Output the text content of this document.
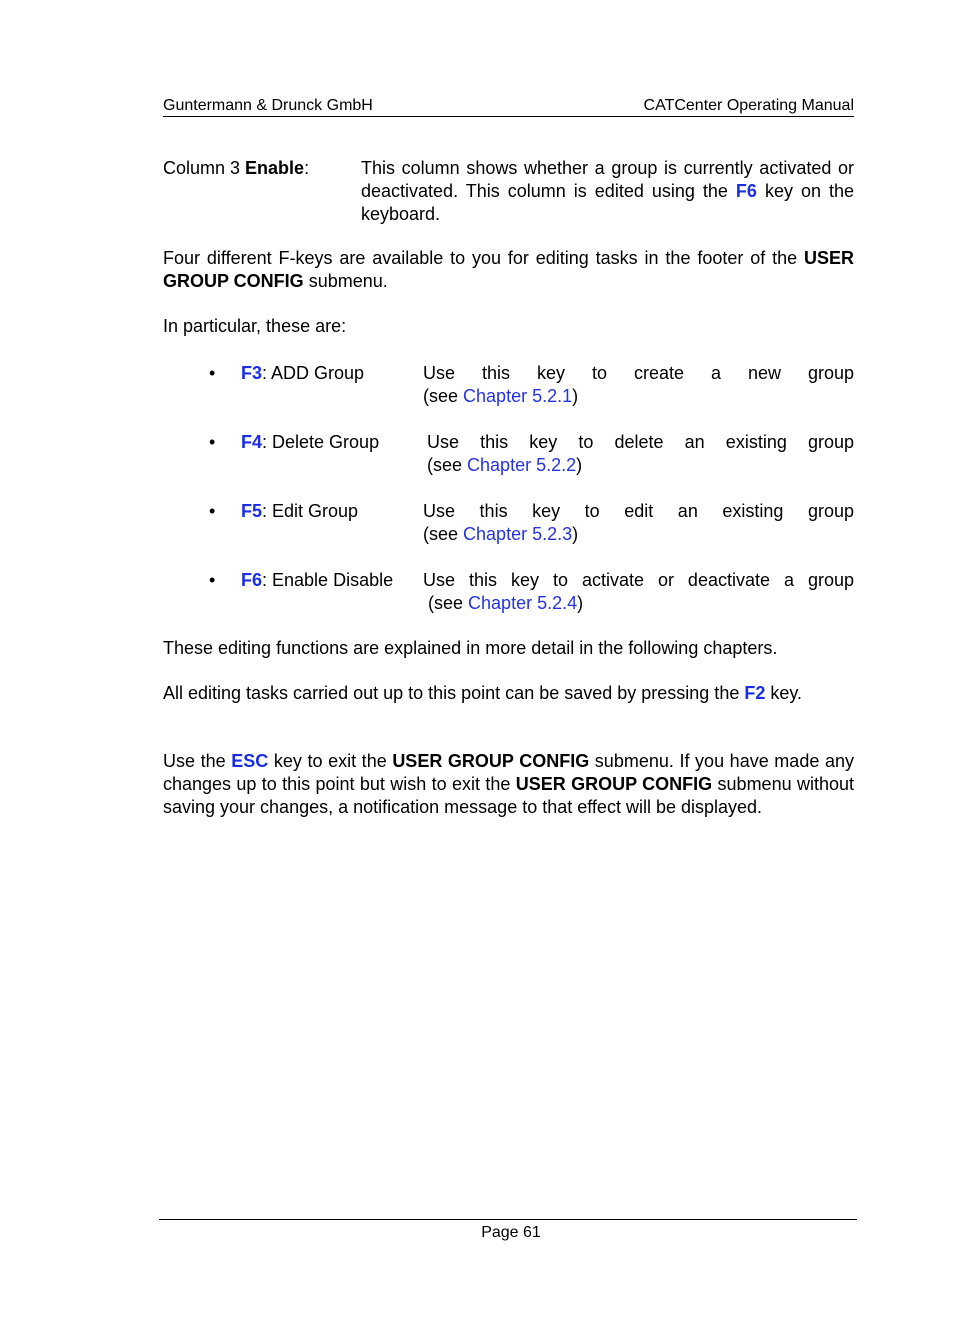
Guntermann & Drunck GmbH	CATCenter Operating Manual
Column 3 Enable:	This column shows whether a group is currently activated or deactivated. This column is edited using the F6 key on the keyboard.
Four different F-keys are available to you for editing tasks in the footer of the USER GROUP CONFIG submenu.
In particular, these are:
• F3: ADD Group	Use this key to create a new group
(see Chapter 5.2.1)
• F4: Delete Group	Use this key to delete an existing group
(see Chapter 5.2.2)
• F5: Edit Group	Use this key to edit an existing group
(see Chapter 5.2.3)
• F6: Enable Disable Use this key to activate or deactivate a group
(see Chapter 5.2.4)
These editing functions are explained in more detail in the following chapters.
All editing tasks carried out up to this point can be saved by pressing the F2 key.
Use the ESC key to exit the USER GROUP CONFIG submenu. If you have made any changes up to this point but wish to exit the USER GROUP CONFIG submenu without saving your changes, a notification message to that effect will be displayed.
Page 61
